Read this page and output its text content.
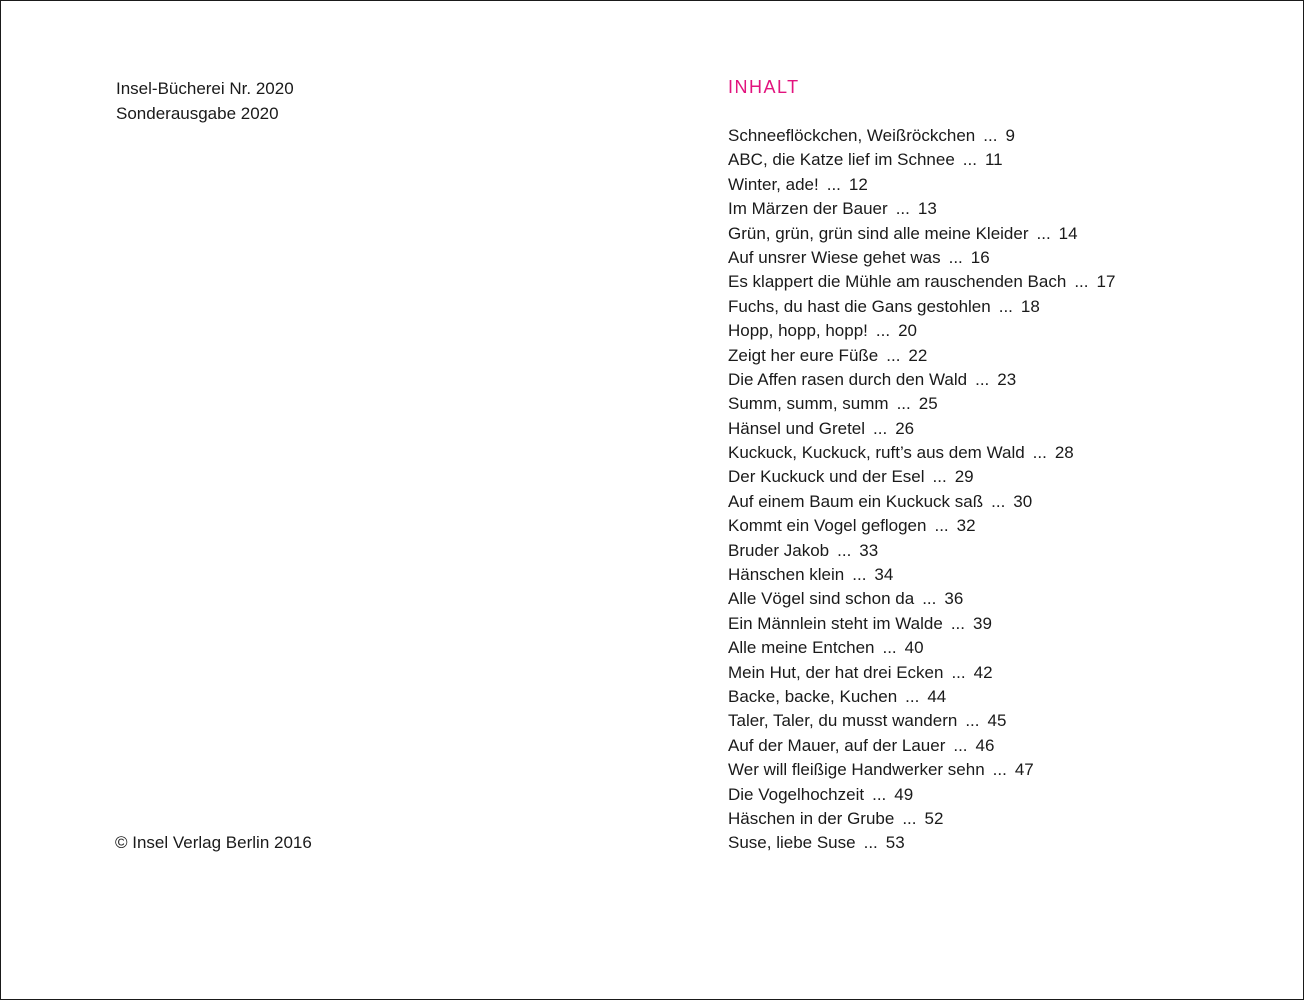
Insel-Bücherei Nr. 2020
Sonderausgabe 2020
© Insel Verlag Berlin 2016
INHALT
Schneeflöckchen, Weißröckchen ... 9
ABC, die Katze lief im Schnee ... 11
Winter, ade! ... 12
Im Märzen der Bauer ... 13
Grün, grün, grün sind alle meine Kleider ... 14
Auf unsrer Wiese gehet was ... 16
Es klappert die Mühle am rauschenden Bach ... 17
Fuchs, du hast die Gans gestohlen ... 18
Hopp, hopp, hopp! ... 20
Zeigt her eure Füße ... 22
Die Affen rasen durch den Wald ... 23
Summ, summ, summ ... 25
Hänsel und Gretel ... 26
Kuckuck, Kuckuck, ruft’s aus dem Wald ... 28
Der Kuckuck und der Esel ... 29
Auf einem Baum ein Kuckuck saß ... 30
Kommt ein Vogel geflogen ... 32
Bruder Jakob ... 33
Hänschen klein ... 34
Alle Vögel sind schon da ... 36
Ein Männlein steht im Walde ... 39
Alle meine Entchen ... 40
Mein Hut, der hat drei Ecken ... 42
Backe, backe, Kuchen ... 44
Taler, Taler, du musst wandern ... 45
Auf der Mauer, auf der Lauer ... 46
Wer will fleißige Handwerker sehn ... 47
Die Vogelhochzeit ... 49
Häschen in der Grube ... 52
Suse, liebe Suse ... 53
